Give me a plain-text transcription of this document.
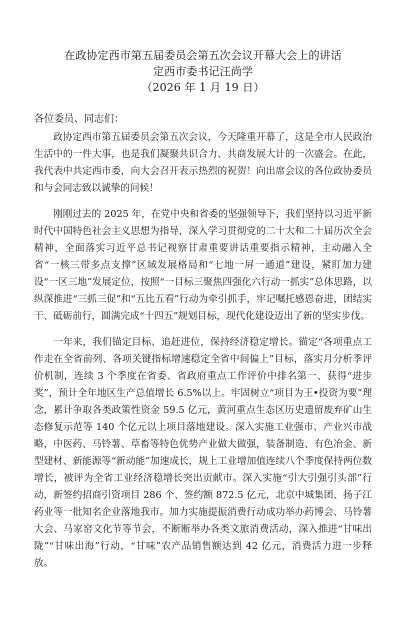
在政协定西市第五届委员会第五次会议开幕大会上的讲话

定西市委书记汪尚学

（2026 年 1 月 19 日）

各位委员、同志们：

政协定西市第五届委员会第五次会议，今天隆重开幕了，这是全市人民政治生活中的一件大事，也是我们凝聚共识合力、共商发展大计的一次盛会。在此，我代表中共定西市委，向大会召开表示热烈的祝贺！向出席会议的各位政协委员和与会同志致以诚挚的问候！

刚刚过去的 2025 年，在党中央和省委的坚强领导下，我们坚持以习近平新时代中国特色社会主义思想为指导，深入学习贯彻党的二十大和二十届历次全会精神，全面落实习近平总书记视察甘肃重要讲话重要指示精神，主动融入全省“一核三带多点支撑”区域发展格局和“七地一屏一通道”建设，紧盯加力建设“一区三地”发展定位，按照“一目标三聚焦四强化六行动一抓实”总体思路，以纵深推进“三抓三促”和“五比五看”行动为牵引抓手，牢记嘱托感恩奋进，团结实干、砥砺前行，圆满完成“十四五”规划目标，现代化建设迈出了新的坚实步伐。

一年来，我们锚定目标、追赶进位，保持经济稳定增长。锚定“各项重点工作走在全省前列、各项关键指标增速稳定全省中间偏上”目标，落实月分析季评价机制，连续 3 个季度在省委、省政府重点工作评价中排名第一、获得“进步奖”，预计全年地区生产总值增长 6.5%以上。牢固树立“项目为王•投资为要”理念，累计争取各类政策性资金 59.5 亿元，黄河重点生态区历史遗留废弃矿山生态修复示范等 140 个亿元以上项目落地建设。深入实施工业强市、产业兴市战略，中医药、马铃薯、草畜等特色优势产业做大做强，装备制造、有色冶金、新型建材、新能源等“新动能”加速成长，规上工业增加值连续八个季度保持两位数增长，被评为全省工业经济稳增长突出贡献市。深入实施“引大引强引头部”行动，新签约招商引资项目 286 个、签约额 872.5 亿元，北京中城集团、扬子江药业等一批知名企业落地我市。加力实施提振消费行动成功举办药博会、马铃薯大会、马家窑文化节等节会，不断断举办各类文旅消费活动，深入推进“甘味出陇”“甘味出海”行动，“甘味”农产品销售额达到 42 亿元，消费活力进一步释放。
